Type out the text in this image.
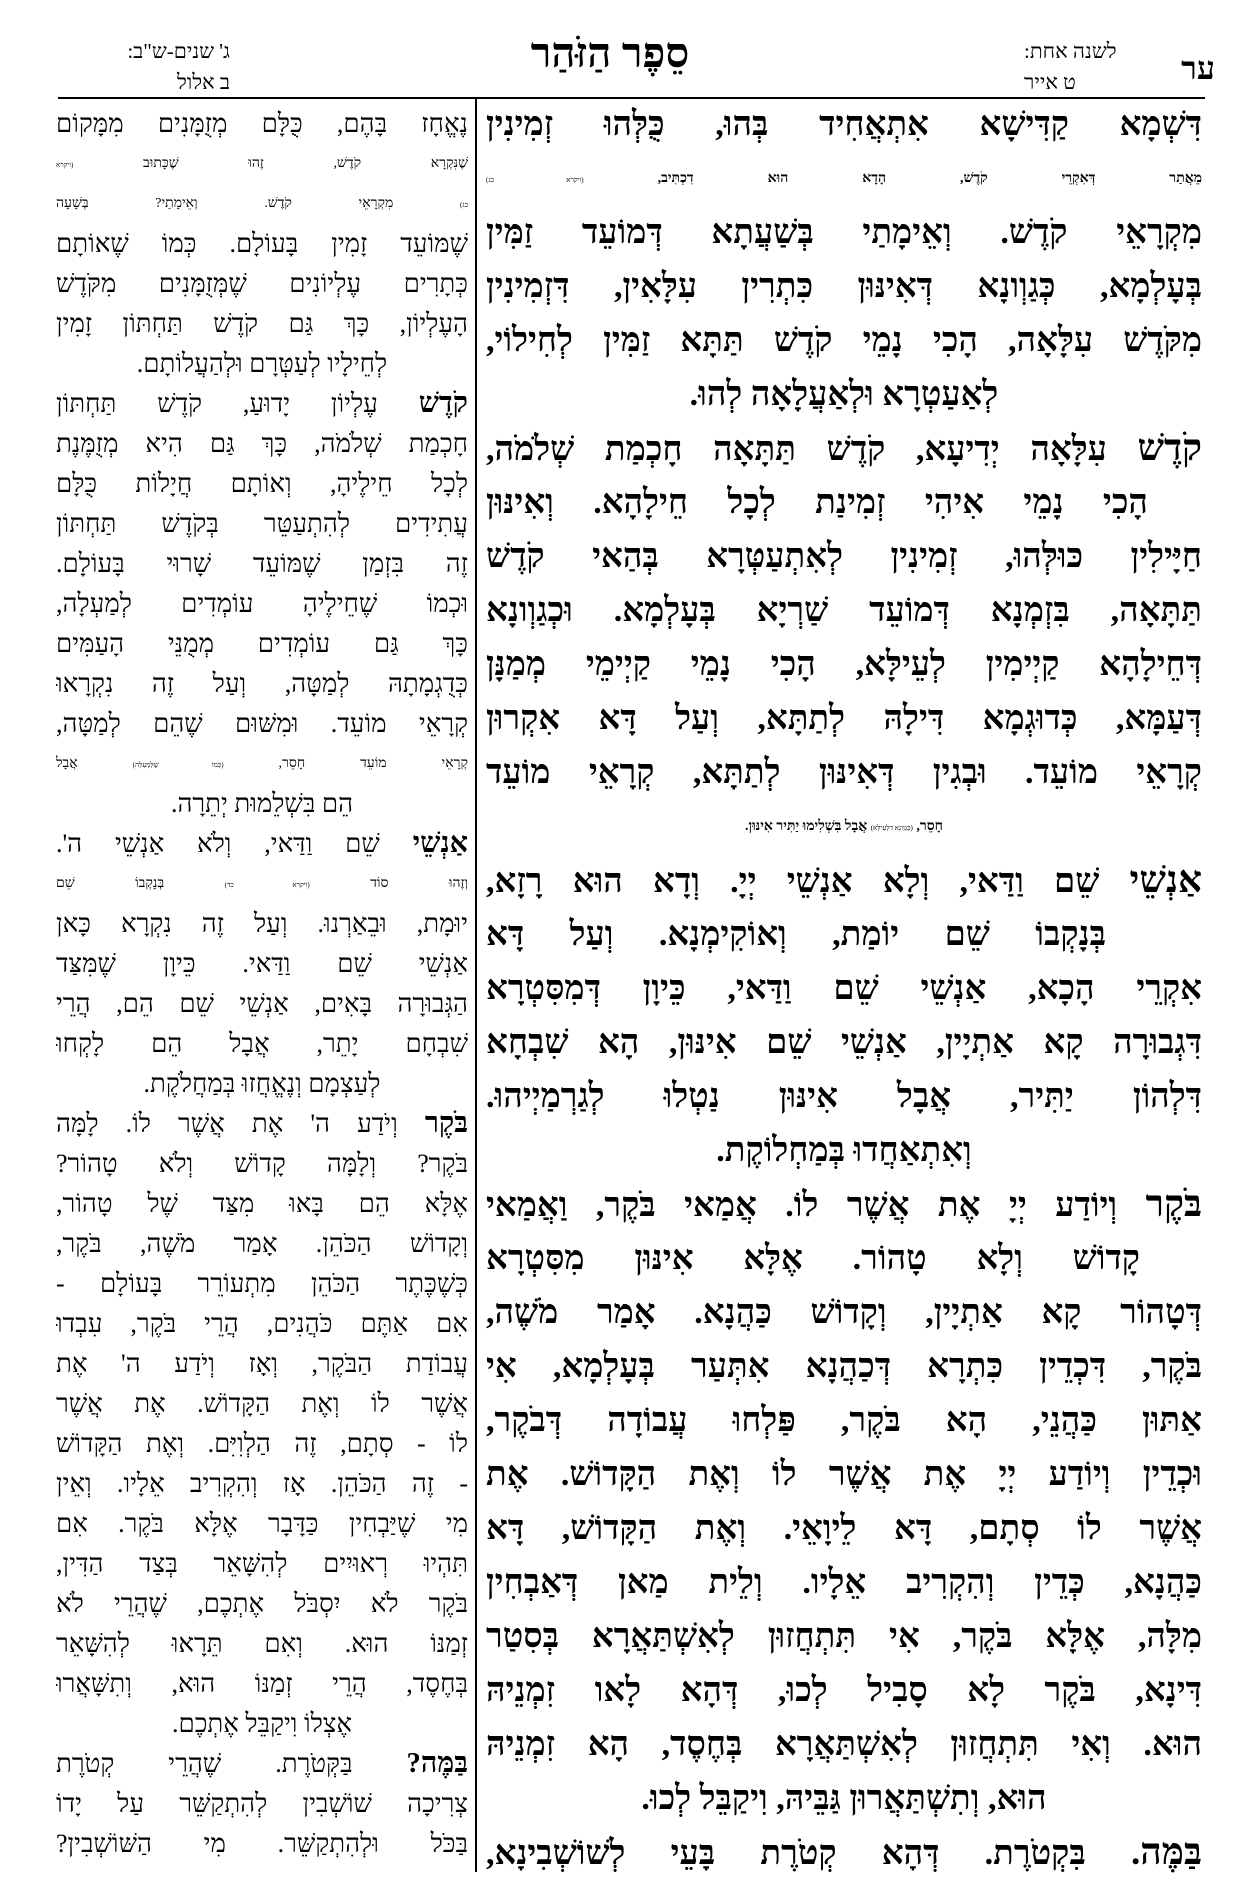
ער
לשנה אחת:
ט אייר
סֵפֶר הַזֹּהַר
ג' שנים-ש"ב:
ב אלול
דִּשְׁמָא קַדִּישָׁא אִתְאֲחִיד בְּהוּ, כֻּלְּהוּ זְמִינִין
מֵאֲתַר דְּאִקְרֵי קֹדֶשׁ, הָדָא הוּא דִכְתִּיב, (ויקרא כג)
מִקְרָאֵי קֹדֶשׁ. וְאֵימָתַי בְּשַׁעֲתָא דְּמוֹעֵד זַמִּין
בְּעָלְמָא, כְּגַוְונָא דְּאִינּוּן כִּתְרִין עִלָּאִין, דִּזְמִינִין
מִקֹּדֶשׁ עִלָּאָה, הָכִי נָמֵי קֹדֶשׁ תַּתָּא זַמִּין לְחִילוֹי,
לְאַעַטְרָא וּלְאַעֲלָאָה לְהוּ.
קֹדֶשׁ עִלָּאָה יְדִיעָא, קֹדֶשׁ תַּתָּאָה חָכְמַת שְׁלֹמֹה,
הָכִי נָמֵי אִיהִי זְמִינַת לְכָל חֵילָהָא. וְאִינּוּן
חַיָּילִין כּוּלְּהוּ, זְמִינִין לְאִתְעַטְּרָא בְּהַאי קֹדֶשׁ
תַּתָּאָה, בִּזְמְנָא דְּמוֹעֵד שַׁרְיָא בְּעָלְמָא. וּכְגַוְונָא
דְּחֵילָהָא קַיְימִין לְעֵילָּא, הָכִי נָמֵי קַיְימֵי מְמַנָּן
דְּעַמָּא, כְּדוּגְמָא דִּילָהּ לְתַתָּא, וְעַל דָּא אִקְרוּן
קְרָאֵי מוֹעֵד. וּבְגִין דְּאִינּוּן לְתַתָּא, קְרָאֵי מוֹעֵד
חָסֵר, (כְּגַוְונָא דִלְעֵילָּא) אֲבָל בִּשְׁלִימוּ יַתִּיר אִינּוּן.
אַנְשֵׁי שֵׁם וַדַּאי, וְלָא אַנְשֵׁי יְיָ. וְדָא הוּא רָזָא,
בְּנָקְבוֹ שֵׁם יוֹמַת, וְאוֹקִימְנָא. וְעַל דָּא
אִקְרֵי הָכָא, אַנְשֵׁי שֵׁם וַדַּאי, כֵּיוָן דְּמִסִּטְרָא
דִּגְבוּרָה קָא אַתְיָין, אַנְשֵׁי שֵׁם אִינּוּן, הָא שִׁבְחָא
דִּלְהוֹן יַתִּיר, אֲבָל אִינּוּן נַטְלוּ לְגַרְמַיְיהוּ.
וְאִתְאַחֲדוּ בְּמַחְלוֹקֶת.
בֹּקֶר וְיוֹדַע יְיָ אֶת אֲשֶׁר לוֹ. אֲמַאי בֹּקֶר, וַאֲמַאי
קָדוֹשׁ וְלָא טָהוֹר. אֶלָּא אִינּוּן מִסִּטְרָא
דְּטָהוֹר קָא אַתְיָין, וְקָדוֹשׁ כַּהֲנָא. אָמַר מֹשֶׁה,
בֹּקֶר, דִּכְדֵין כִּתְרָא דְּכַהֲנָא אִתְּעַר בְּעָלְמָא, אִי
אַתּוּן כַּהֲנֵי, הָא בֹּקֶר, פַּלְחוּ עֲבוֹדָה דְּבֹקֶר,
וּכְדֵין וְיוֹדַע יְיָ אֶת אֲשֶׁר לוֹ וְאֶת הַקָּדוֹשׁ. אֶת
אֲשֶׁר לוֹ סְתָם, דָּא לֵיוָאֵי. וְאֶת הַקָּדוֹשׁ, דָּא
כַּהֲנָא, כְּדֵין וְהִקְרִיב אֵלָיו. וְלֵית מַאן דְּאַבְחִין
מִלָּה, אֶלָּא בֹּקֶר, אִי תִּתְחֲזוּן לְאִשְׁתַּאֲרָא בְּסִטַר
דִּינָא, בֹּקֶר לָא סָבִיל לְכוּ, דְּהָא לָאו זִמְנֵיהּ
הוּא. וְאִי תִּתְחֲזוּן לְאִשְׁתַּאֲרָא בְּחֶסֶד, הָא זִמְנֵיהּ
הוּא, וְתִשְׁתַּאֲרוּן גַּבֵּיהּ, וִיקַבֵּל לְכוּ.
בַּמֶּה. בִּקְטֹרֶת. דְּהָא קְטֹרֶת בָּעֵי לְשׁוֹשְׁבִינָא,
נֶאֱחָז בָּהֶם, כֻּלָּם מְזֻמָּנִים מִמָּקוֹם
שֶׁנִּקְרָא קֹדֶשׁ, זֶהוּ שֶׁכָּתוּב (ויקרא
כג) מִקְרָאֵי קֹדֶשׁ. וְאֵימָתַי? בְּשָׁעָה
שֶׁמּוֹעֵד זָמִין בָּעוֹלָם. כְּמוֹ שֶׁאוֹתָם
כְּתָרִים עֶלְיוֹנִים שֶׁמְּזֻמָּנִים מִקֹּדֶשׁ
הָעֶלְיוֹן, כָּךְ גַּם קֹדֶשׁ תַּחְתּוֹן זָמִין
לְחֵילָיו לְעַטְּרָם וּלְהַעֲלוֹתָם.
קֹדֶשׁ עֶלְיוֹן יָדוּעַ, קֹדֶשׁ תַּחְתּוֹן
חָכְמַת שְׁלֹמֹה, כָּךְ גַּם הִיא מְזֻמֶּנֶת
לְכָל חֵילֶיהָ, וְאוֹתָם חֲיָלוֹת כֻּלָּם
עֲתִידִים לְהִתְעַטֵּר בְּקֹדֶשׁ תַּחְתּוֹן
זֶה בִּזְמַן שֶׁמּוֹעֵד שָׁרוּי בָּעוֹלָם.
וּכְמוֹ שֶׁחֵילֶיהָ עוֹמְדִים לְמַעְלָה,
כָּךְ גַּם עוֹמְדִים מְמֻנֵּי הָעַמִּים
כְּדֻגְמָתָהּ לְמַטָּה, וְעַל זֶה נִקְרָאוּ
קְרָאֵי מוֹעֵד. וּמִשּׁוּם שֶׁהֵם לְמַטָּה,
קְרָאֵי מוֹעֵד חָסֵר, (כְּמוֹ שֶׁלְּמַעְלָה) אֲבָל
הֵם בִּשְׁלֵמוּת יְתֵרָה.
אַנְשֵׁי שֵׁם וַדַּאי, וְלֹא אַנְשֵׁי ה'.
וְזֶהוּ סוֹד (ויקרא כד) בְּנָקְבוֹ שֵׁם
יוּמָת, וּבֵאַרְנוּ. וְעַל זֶה נִקְרָא כָּאן
אַנְשֵׁי שֵׁם וַדַּאי. כֵּיוָן שֶׁמִּצַּד
הַגְּבוּרָה בָּאִים, אַנְשֵׁי שֵׁם הֵם, הֲרֵי
שִׁבְחָם יָתֵר, אֲבָל הֵם לָקְחוּ
לְעַצְמָם וְנֶאֱחֲזוּ בְּמַחֲלֹקֶת.
בֹּקֶר וְיֹדַע ה' אֶת אֲשֶׁר לוֹ. לָמָּה
בֹּקֶר? וְלָמָּה קָדוֹשׁ וְלֹא טָהוֹר?
אֶלָּא הֵם בָּאוּ מִצַּד שֶׁל טָהוֹר,
וְקָדוֹשׁ הַכֹּהֵן. אָמַר מֹשֶׁה, בֹּקֶר,
כְּשֶׁכֶּתֶר הַכֹּהֵן מִתְעוֹרֵר בָּעוֹלָם -
אִם אַתֶּם כֹּהֲנִים, הֲרֵי בֹּקֶר, עִבְדוּ
עֲבוֹדַת הַבֹּקֶר, וְאָז וְיֹדַע ה' אֶת
אֲשֶׁר לוֹ וְאֶת הַקָּדוֹשׁ. אֶת אֲשֶׁר
לוֹ - סְתָם, זֶה הַלְוִיִּם. וְאֶת הַקָּדוֹשׁ
- זֶה הַכֹּהֵן. אָז וְהִקְרִיב אֵלָיו. וְאֵין
מִי שֶׁיַּבְחִין כַּדָּבָר אֶלָּא בֹּקֶר. אִם
תִּהְיוּ רְאוּיִים לְהִשָּׁאֵר בְּצַד הַדִּין,
בֹּקֶר לֹא יִסְבֹּל אֶתְכֶם, שֶׁהֲרֵי לֹא
זְמַנּוֹ הוּא. וְאִם תֵּרָאוּ לְהִשָּׁאֵר
בְּחֶסֶד, הֲרֵי זְמַנּוֹ הוּא, וְתִשָּׁאֲרוּ
אֶצְלוֹ וִיקַבֵּל אֶתְכֶם.
בַּמֶּה? בַּקְּטֹרֶת. שֶׁהֲרֵי קְטֹרֶת
צְרִיכָה שׁוֹשְׁבִין לְהִתְקַשֵּׁר עַל יָדוֹ
בַּכֹּל וּלְהִתְקַשֵּׁר. מִי הַשּׁוֹשְׁבִין?
